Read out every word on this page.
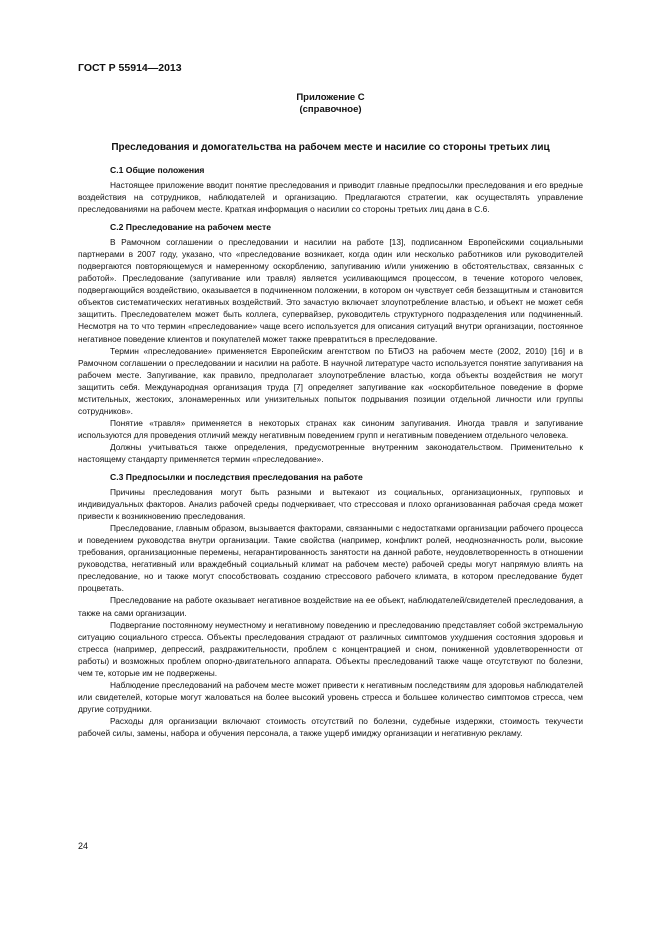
ГОСТ Р 55914—2013

Приложение С
(справочное)

Преследования и домогательства на рабочем месте и насилие со стороны третьих лиц

С.1 Общие положения

Настоящее приложение вводит понятие преследования и приводит главные предпосылки преследования и его вредные воздействия на сотрудников, наблюдателей и организацию. Предлагаются стратегии, как осуществлять управление преследованиями на рабочем месте. Краткая информация о насилии со стороны третьих лиц дана в С.6.

С.2 Преследование на рабочем месте

В Рамочном соглашении о преследовании и насилии на работе [13], подписанном Европейскими социальными партнерами в 2007 году, указано, что «преследование возникает, когда один или несколько работников или руководителей подвергаются повторяющемуся и намеренному оскорблению, запугиванию и/или унижению в обстоятельствах, связанных с работой». Преследование (запугивание или травля) является усиливающимся процессом, в течение которого человек, подвергающийся воздействию, оказывается в подчиненном положении, в котором он чувствует себя беззащитным и становится объектов систематических негативных воздействий. Это зачастую включает злоупотребление властью, и объект не может себя защитить. Преследователем может быть коллега, супервайзер, руководитель структурного подразделения или подчиненный. Несмотря на то что термин «преследование» чаще всего используется для описания ситуаций внутри организации, постоянное негативное поведение клиентов и покупателей может также превратиться в преследование.

Термин «преследование» применяется Европейским агентством по БТиОЗ на рабочем месте (2002, 2010) [16] и в Рамочном соглашении о преследовании и насилии на работе. В научной литературе часто используется понятие запугивания на рабочем месте. Запугивание, как правило, предполагает злоупотребление властью, когда объекты воздействия не могут защитить себя. Международная организация труда [7] определяет запугивание как «оскорбительное поведение в форме мстительных, жестоких, злонамеренных или унизительных попыток подрывания позиции отдельной личности или группы сотрудников».

Понятие «травля» применяется в некоторых странах как синоним запугивания. Иногда травля и запугивание используются для проведения отличий между негативным поведением групп и негативным поведением отдельного человека.

Должны учитываться также определения, предусмотренные внутренним законодательством. Применительно к настоящему стандарту применяется термин «преследование».

С.3 Предпосылки и последствия преследования на работе

Причины преследования могут быть разными и вытекают из социальных, организационных, групповых и индивидуальных факторов. Анализ рабочей среды подчеркивает, что стрессовая и плохо организованная рабочая среда может привести к возникновению преследования.

Преследование, главным образом, вызывается факторами, связанными с недостатками организации рабочего процесса и поведением руководства внутри организации. Такие свойства (например, конфликт ролей, неоднозначность роли, высокие требования, организационные перемены, негарантированность занятости на данной работе, неудовлетворенность в отношении руководства, негативный или враждебный социальный климат на рабочем месте) рабочей среды могут напрямую влиять на преследование, но и также могут способствовать созданию стрессового рабочего климата, в котором преследование будет процветать.

Преследование на работе оказывает негативное воздействие на ее объект, наблюдателей/свидетелей преследования, а также на сами организации.

Подвергание постоянному неуместному и негативному поведению и преследованию представляет собой экстремальную ситуацию социального стресса. Объекты преследования страдают от различных симптомов ухудшения состояния здоровья и стресса (например, депрессий, раздражительности, проблем с концентрацией и сном, пониженной удовлетворенности от работы) и возможных проблем опорно-двигательного аппарата. Объекты преследований также чаще отсутствуют по болезни, чем те, которые им не подвержены.

Наблюдение преследований на рабочем месте может привести к негативным последствиям для здоровья наблюдателей или свидетелей, которые могут жаловаться на более высокий уровень стресса и большее количество симптомов стресса, чем другие сотрудники.

Расходы для организации включают стоимость отсутствий по болезни, судебные издержки, стоимость текучести рабочей силы, замены, набора и обучения персонала, а также ущерб имиджу организации и негативную рекламу.

24
